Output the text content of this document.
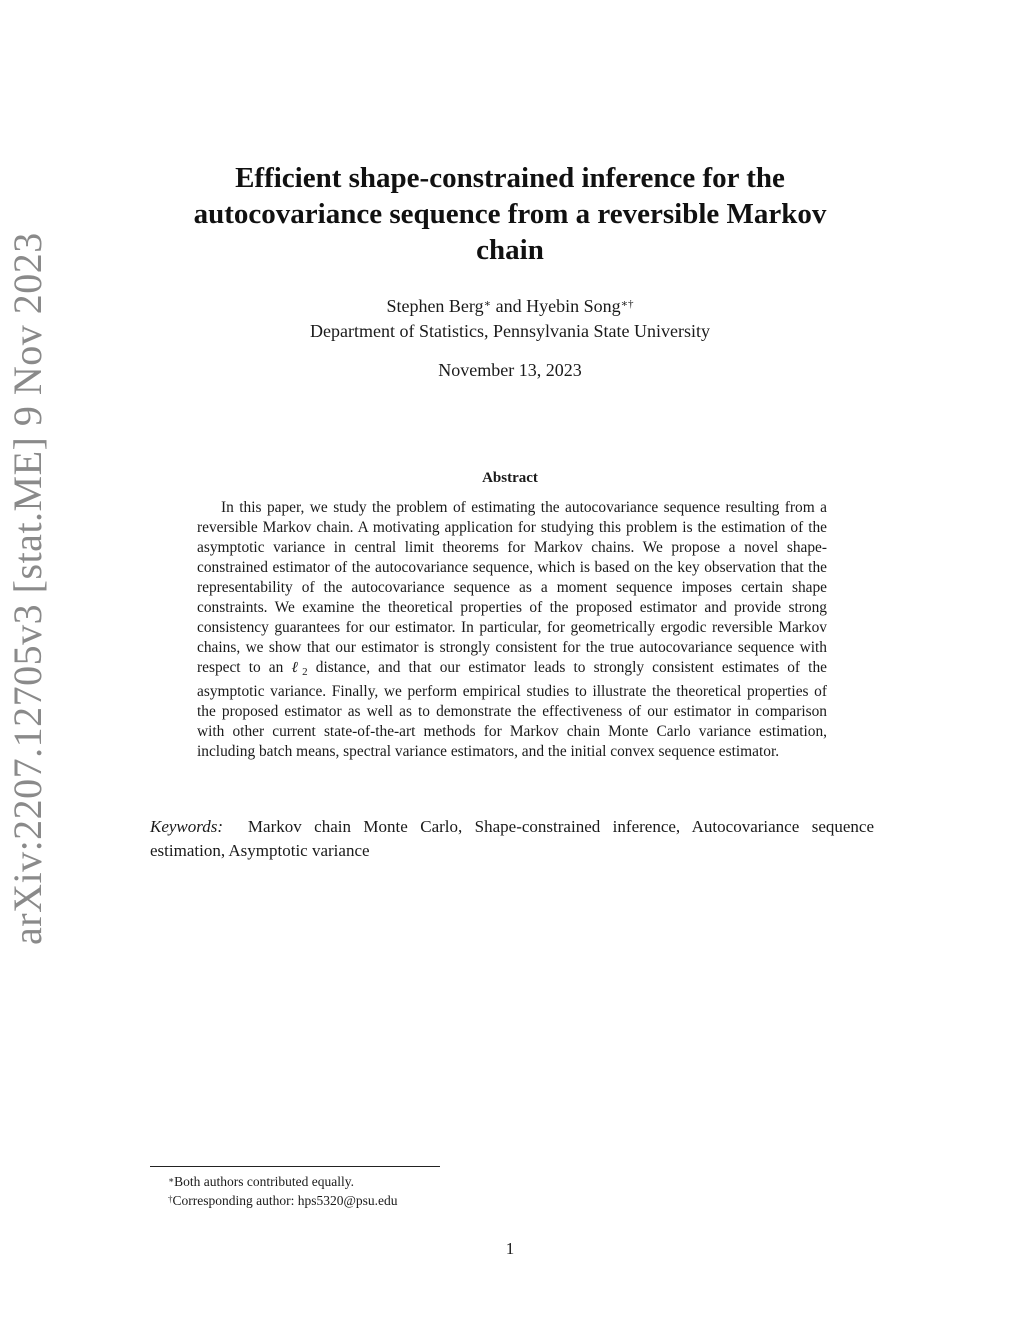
arXiv:2207.12705v3 [stat.ME] 9 Nov 2023
Efficient shape-constrained inference for the
autocovariance sequence from a reversible Markov
chain
Stephen Berg∗ and Hyebin Song∗†
Department of Statistics, Pennsylvania State University
November 13, 2023
Abstract
In this paper, we study the problem of estimating the autocovariance sequence resulting from a reversible Markov chain. A motivating application for studying this problem is the estimation of the asymptotic variance in central limit theorems for Markov chains. We propose a novel shape-constrained estimator of the autocovariance sequence, which is based on the key observation that the representability of the autocovariance sequence as a moment sequence imposes certain shape constraints. We examine the theoretical properties of the proposed estimator and provide strong consistency guarantees for our estimator. In particular, for geometrically ergodic reversible Markov chains, we show that our estimator is strongly consistent for the true autocovariance sequence with respect to an ℓ2 distance, and that our estimator leads to strongly consistent estimates of the asymptotic variance. Finally, we perform empirical studies to illustrate the theoretical properties of the proposed estimator as well as to demonstrate the effectiveness of our estimator in comparison with other current state-of-the-art methods for Markov chain Monte Carlo variance estimation, including batch means, spectral variance estimators, and the initial convex sequence estimator.
Keywords: Markov chain Monte Carlo, Shape-constrained inference, Autocovariance sequence estimation, Asymptotic variance
∗Both authors contributed equally.
†Corresponding author: hps5320@psu.edu
1
